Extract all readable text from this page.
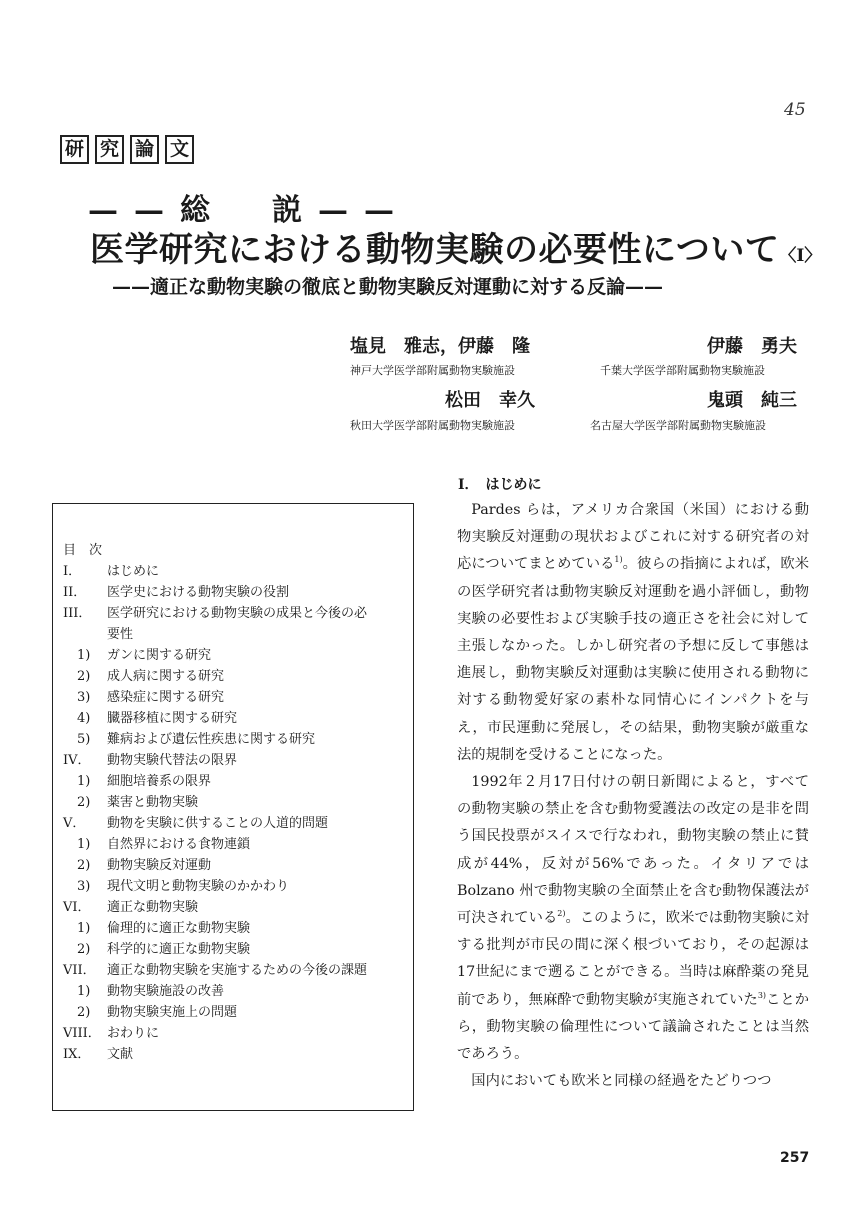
45
研 究 論 文
——総　説——
医学研究における動物実験の必要性について〈I〉
——適正な動物実験の徹底と動物実験反対運動に対する反論——
塩見　雅志，伊藤　隆
神戸大学医学部附属動物実験施設
伊藤　勇夫
千葉大学医学部附属動物実験施設
松田　幸久
秋田大学医学部附属動物実験施設
鬼頭　純三
名古屋大学医学部附属動物実験施設
目　次
I．	はじめに
II．	医学史における動物実験の役割
III．	医学研究における動物実験の成果と今後の必
要性
1)	ガンに関する研究
2)	成人病に関する研究
3)	感染症に関する研究
4)	臓器移植に関する研究
5)	難病および遺伝性疾患に関する研究
IV．	動物実験代替法の限界
1)	細胞培養系の限界
2)	薬害と動物実験
V．	動物を実験に供することの人道的問題
1)	自然界における食物連鎖
2)	動物実験反対運動
3)	現代文明と動物実験のかかわり
VI．	適正な動物実験
1)	倫理的に適正な動物実験
2)	科学的に適正な動物実験
VII． 適正な動物実験を実施するための今後の課題
1)	動物実験施設の改善
2)	動物実験実施上の問題
VIII． おわりに
IX．	文献
I．　はじめに

Pardes らは，アメリカ合衆国（米国）における動物実験反対運動の現状およびこれに対する研究者の対応についてまとめている$^{1)}$。彼らの指摘によれば，欧米の医学研究者は動物実験反対運動を過小評価し，動物実験の必要性および実験手技の適正さを社会に対して主張しなかった。しかし研究者の予想に反して事態は進展し，動物実験反対運動は実験に使用される動物に対する動物愛好家の素朴な同情心にインパクトを与え，市民運動に発展し，その結果，動物実験が厳重な法的規制を受けることになった。

1992年２月17日付けの朝日新聞によると，すべての動物実験の禁止を含む動物愛護法の改定の是非を問う国民投票がスイスで行なわれ，動物実験の禁止に賛成が44%，反対が56%であった。イタリアでは Bolzano 州で動物実験の全面禁止を含む動物保護法が可決されている$^{2)}$。このように，欧米では動物実験に対する批判が市民の間に深く根づいており，その起源は17世紀にまで遡ることができる。当時は麻酔薬の発見前であり，無麻酔で動物実験が実施されていた$^{3)}$ことから，動物実験の倫理性について議論されたことは当然であろう。

国内においても欧米と同様の経過をたどりつつ

257
